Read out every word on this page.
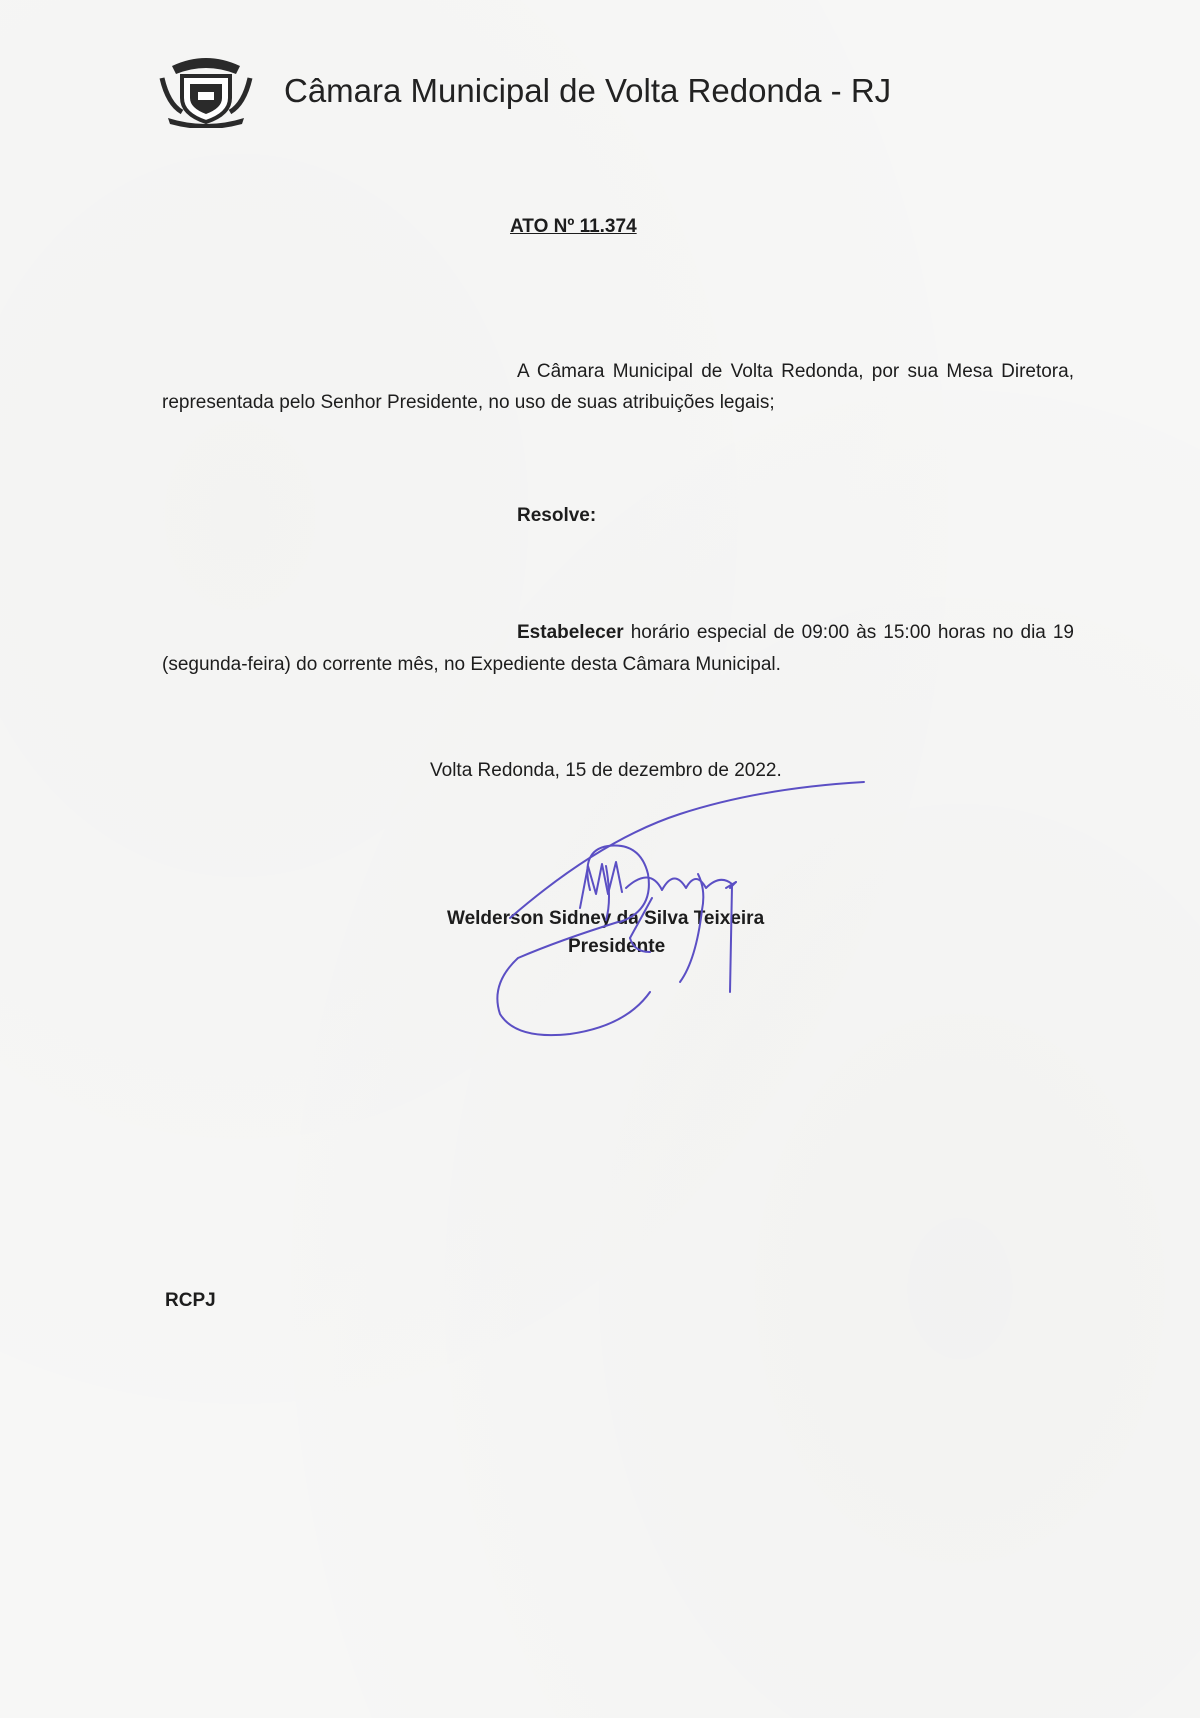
Câmara Municipal de Volta Redonda - RJ
ATO Nº 11.374
A Câmara Municipal de Volta Redonda, por sua Mesa Diretora, representada pelo Senhor Presidente, no uso de suas atribuições legais;
Resolve:
Estabelecer horário especial de 09:00 às 15:00 horas no dia 19 (segunda-feira) do corrente mês, no Expediente desta Câmara Municipal.
Volta Redonda, 15 de dezembro de 2022.
Welderson Sidney da Silva Teixeira
Presidente
RCPJ
